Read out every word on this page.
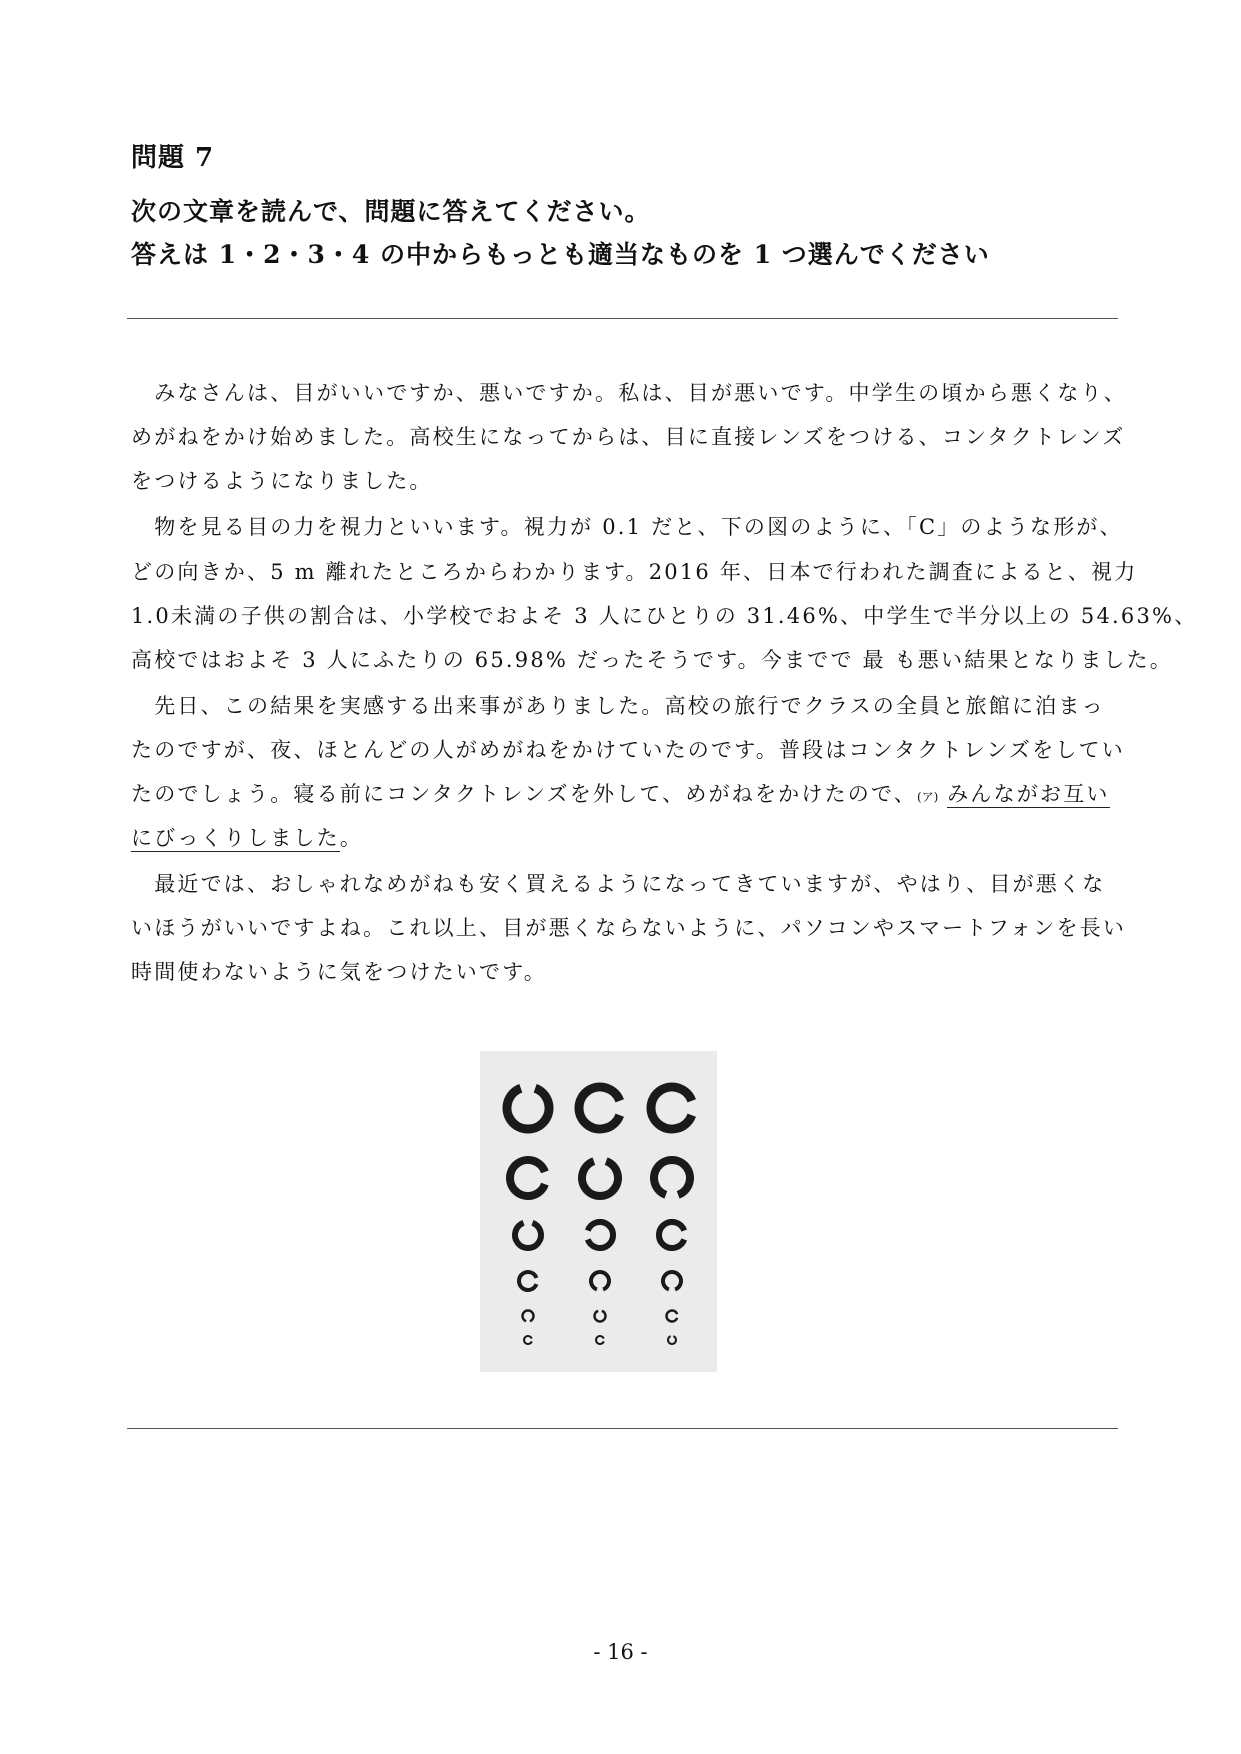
問題 7
次の文章を読んで、問題に答えてください。
答えは 1・2・3・4 の中からもっとも適当なものを 1 つ選んでください
　みなさんは、目がいいですか、悪いですか。私は、目が悪いです。中学生の頃から悪くなり、
めがねをかけ始めました。高校生になってからは、目に直接レンズをつける、コンタクトレンズ
をつけるようになりました。
　物を見る目の力を視力といいます。視力が 0.1 だと、下の図のように、「C」のような形が、
どの向きか、5 m 離れたところからわかります。2016 年、日本で行われた調査によると、視力
1.0未満の子供の割合は、小学校でおよそ 3 人にひとりの 31.46%、中学生で半分以上の 54.63%、
高校ではおよそ 3 人にふたりの 65.98% だったそうです。今までで 最 も悪い結果となりました。
　先日、この結果を実感する出来事がありました。高校の旅行でクラスの全員と旅館に泊まっ
たのですが、夜、ほとんどの人がめがねをかけていたのです。普段はコンタクトレンズをしてい
たのでしょう。寝る前にコンタクトレンズを外して、めがねをかけたので、(ア) みんながお互い
にびっくりしました。
　最近では、おしゃれなめがねも安く買えるようになってきていますが、やはり、目が悪くな
いほうがいいですよね。これ以上、目が悪くならないように、パソコンやスマートフォンを長い
時間使わないように気をつけたいです。
- 16 -
